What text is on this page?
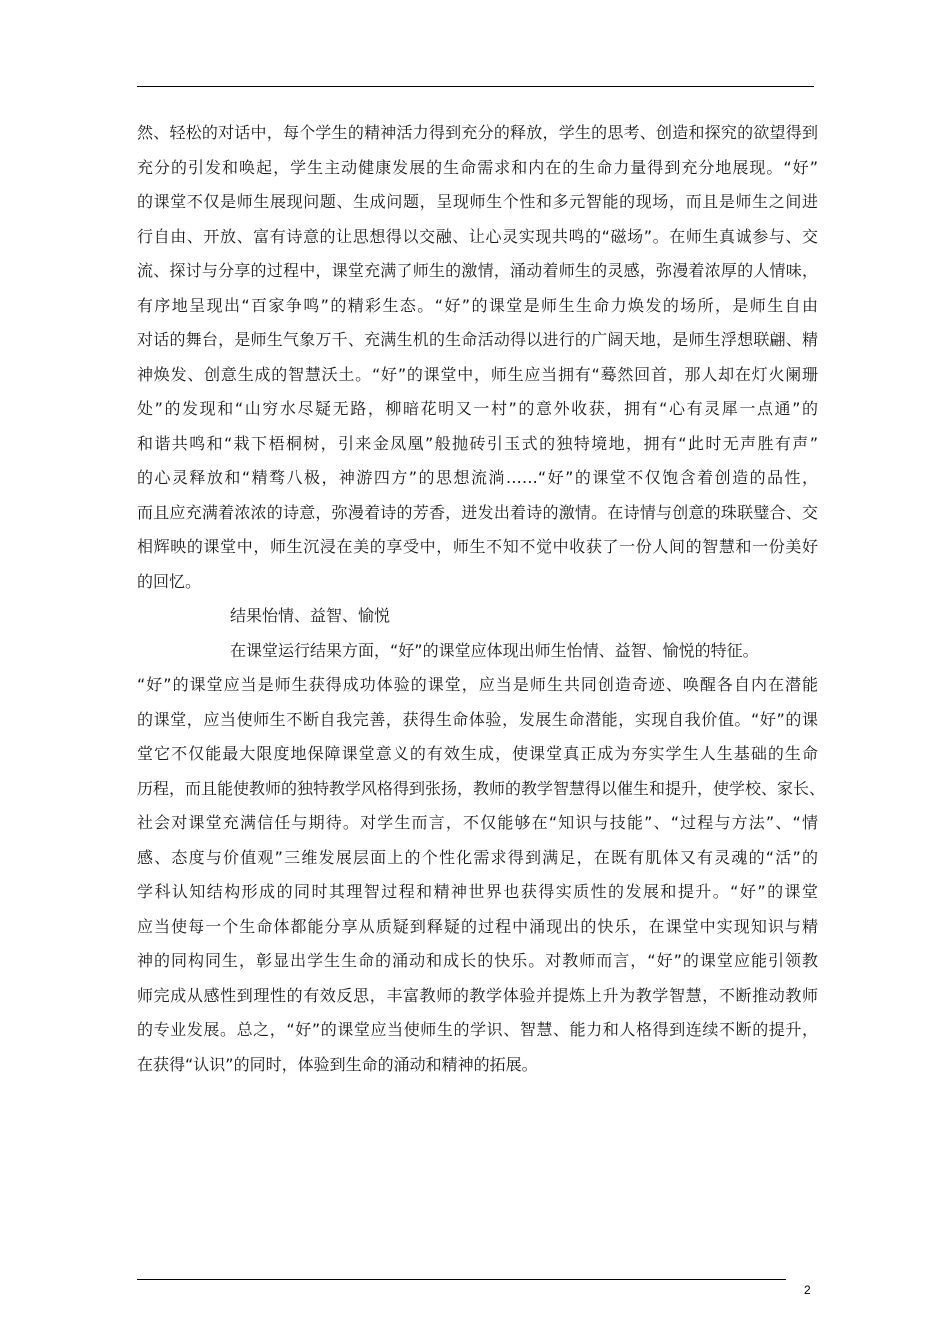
然、轻松的对话中，每个学生的精神活力得到充分的释放，学生的思考、创造和探究的欲望得到
充分的引发和唤起，学生主动健康发展的生命需求和内在的生命力量得到充分地展现。“好”
的课堂不仅是师生展现问题、生成问题，呈现师生个性和多元智能的现场，而且是师生之间进
行自由、开放、富有诗意的让思想得以交融、让心灵实现共鸣的“磁场”。在师生真诚参与、交
流、探讨与分享的过程中，课堂充满了师生的激情，涌动着师生的灵感，弥漫着浓厚的人情味，
有序地呈现出“百家争鸣”的精彩生态。“好”的课堂是师生生命力焕发的场所，是师生自由
对话的舞台，是师生气象万千、充满生机的生命活动得以进行的广阔天地，是师生浮想联翩、精
神焕发、创意生成的智慧沃土。“好”的课堂中，师生应当拥有“蓦然回首，那人却在灯火阑珊
处”的发现和“山穷水尽疑无路，柳暗花明又一村”的意外收获，拥有“心有灵犀一点通”的
和谐共鸣和“栽下梧桐树，引来金凤凰”般抛砖引玉式的独特境地，拥有“此时无声胜有声”
的心灵释放和“精骛八极，神游四方”的思想流淌……“好”的课堂不仅饱含着创造的品性，
而且应充满着浓浓的诗意，弥漫着诗的芳香，迸发出着诗的激情。在诗情与创意的珠联璧合、交
相辉映的课堂中，师生沉浸在美的享受中，师生不知不觉中收获了一份人间的智慧和一份美好
的回忆。
结果怡情、益智、愉悦
在课堂运行结果方面，“好”的课堂应体现出师生怡情、益智、愉悦的特征。
“好”的课堂应当是师生获得成功体验的课堂，应当是师生共同创造奇迹、唤醒各自内在潜能
的课堂，应当使师生不断自我完善，获得生命体验，发展生命潜能，实现自我价值。“好”的课
堂它不仅能最大限度地保障课堂意义的有效生成，使课堂真正成为夯实学生人生基础的生命
历程，而且能使教师的独特教学风格得到张扬，教师的教学智慧得以催生和提升，使学校、家长、
社会对课堂充满信任与期待。对学生而言，不仅能够在“知识与技能”、“过程与方法”、“情
感、态度与价值观”三维发展层面上的个性化需求得到满足，在既有肌体又有灵魂的“活”的
学科认知结构形成的同时其理智过程和精神世界也获得实质性的发展和提升。“好”的课堂
应当使每一个生命体都能分享从质疑到释疑的过程中涌现出的快乐，在课堂中实现知识与精
神的同构同生，彰显出学生生命的涌动和成长的快乐。对教师而言，“好”的课堂应能引领教
师完成从感性到理性的有效反思，丰富教师的教学体验并提炼上升为教学智慧，不断推动教师
的专业发展。总之，“好”的课堂应当使师生的学识、智慧、能力和人格得到连续不断的提升，
在获得“认识”的同时，体验到生命的涌动和精神的拓展。
2
